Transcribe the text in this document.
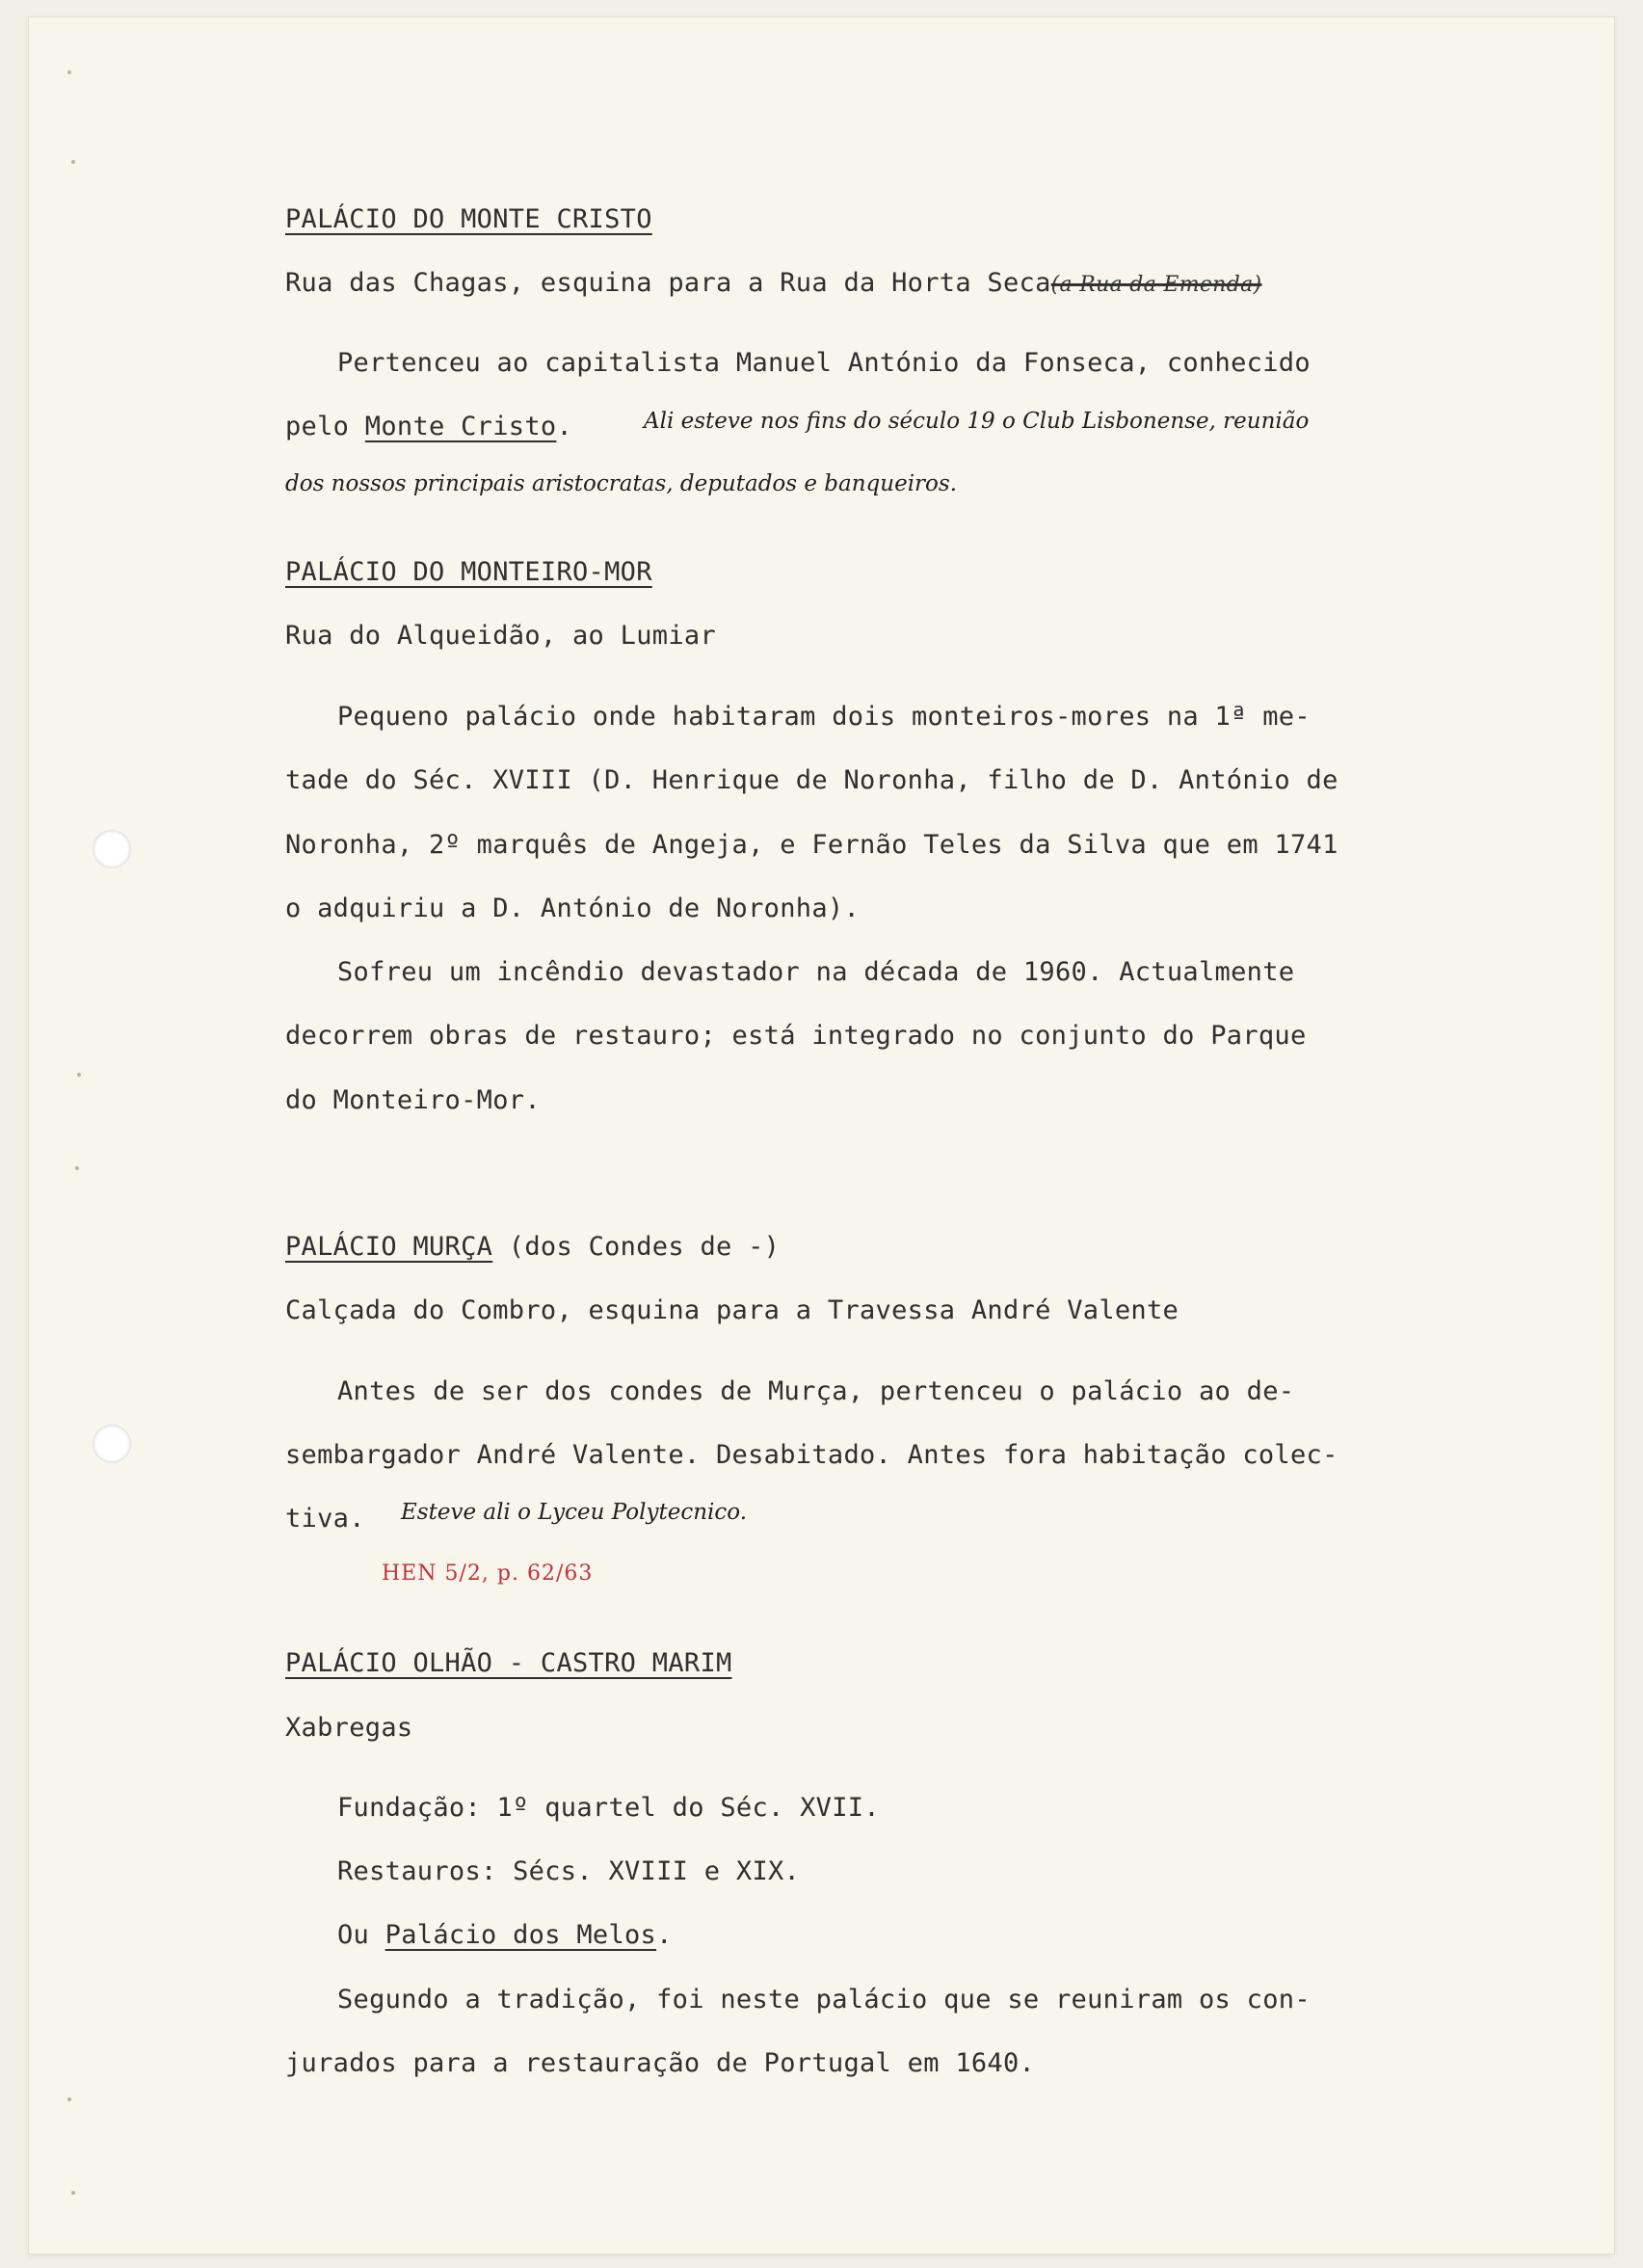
PALÁCIO DO MONTE CRISTO
Rua das Chagas, esquina para a Rua da Horta Seca(a Rua da Emenda)
Pertenceu ao capitalista Manuel António da Fonseca, conhecido
pelo Monte Cristo.	Ali esteve nos fins do século 19 o Club Lisbonense, reunião
dos nossos principais aristocratas, deputados e banqueiros.
PALÁCIO DO MONTEIRO-MOR
Rua do Alqueidão, ao Lumiar
Pequeno palácio onde habitaram dois monteiros-mores na 1ª me-
tade do Séc. XVIII (D. Henrique de Noronha, filho de D. António de
Noronha, 2º marquês de Angeja, e Fernão Teles da Silva que em 1741
o adquiriu a D. António de Noronha).
Sofreu um incêndio devastador na década de 1960. Actualmente
decorrem obras de restauro; está integrado no conjunto do Parque
do Monteiro-Mor.
PALÁCIO MURÇA (dos Condes de -)
Calçada do Combro, esquina para a Travessa André Valente
Antes de ser dos condes de Murça, pertenceu o palácio ao de-
sembargador André Valente. Desabitado. Antes fora habitação colec-
tiva. Esteve ali o Lyceu Polytecnico.
HEN 5/2, p. 62/63
PALÁCIO OLHÃO - CASTRO MARIM
Xabregas
Fundação: 1º quartel do Séc. XVII.
Restauros: Sécs. XVIII e XIX.
Ou Palácio dos Melos.
Segundo a tradição, foi neste palácio que se reuniram os con-
jurados para a restauração de Portugal em 1640.
